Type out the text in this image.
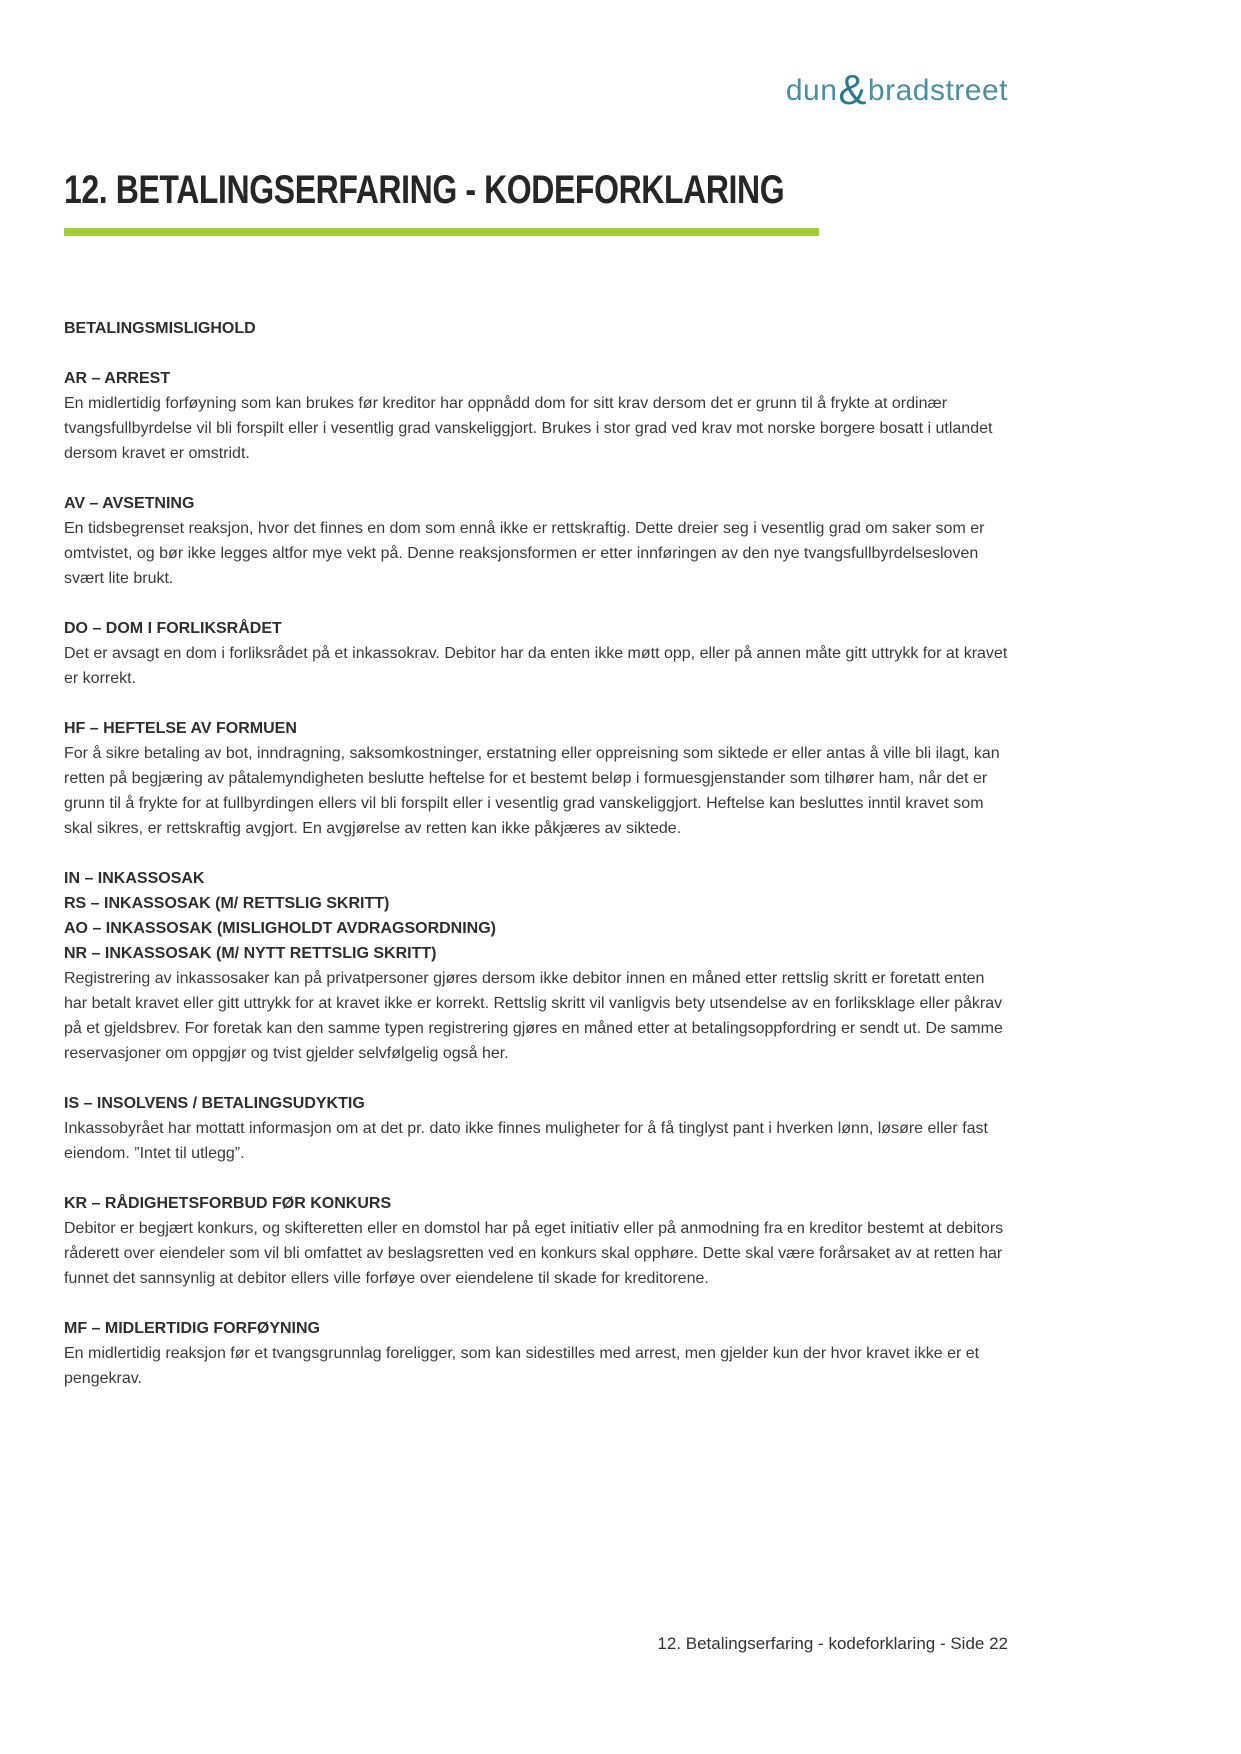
dun&bradstreet
12. BETALINGSERFARING - KODEFORKLARING

BETALINGSMISLIGHOLD

AR – ARREST

En midlertidig forføyning som kan brukes før kreditor har oppnådd dom for sitt krav dersom det er grunn til å frykte at ordinær tvangsfullbyrdelse vil bli forspilt eller i vesentlig grad vanskeliggjort. Brukes i stor grad ved krav mot norske borgere bosatt i utlandet dersom kravet er omstridt.

AV – AVSETNING

En tidsbegrenset reaksjon, hvor det finnes en dom som ennå ikke er rettskraftig. Dette dreier seg i vesentlig grad om saker som er omtvistet, og bør ikke legges altfor mye vekt på. Denne reaksjonsformen er etter innføringen av den nye tvangsfullbyrdelsesloven svært lite brukt.

DO – DOM I FORLIKSRÅDET

Det er avsagt en dom i forliksrådet på et inkassokrav. Debitor har da enten ikke møtt opp, eller på annen måte gitt uttrykk for at kravet er korrekt.

HF – HEFTELSE AV FORMUEN

For å sikre betaling av bot, inndragning, saksomkostninger, erstatning eller oppreisning som siktede er eller antas å ville bli ilagt, kan retten på begjæring av påtalemyndigheten beslutte heftelse for et bestemt beløp i formuesgjenstander som tilhører ham, når det er grunn til å frykte for at fullbyrdingen ellers vil bli forspilt eller i vesentlig grad vanskeliggjort. Heftelse kan besluttes inntil kravet som skal sikres, er rettskraftig avgjort. En avgjørelse av retten kan ikke påkjæres av siktede.

IN – INKASSOSAK
RS – INKASSOSAK (M/ RETTSLIG SKRITT)
AO – INKASSOSAK (MISLIGHOLDT AVDRAGSORDNING)
NR – INKASSOSAK (M/ NYTT RETTSLIG SKRITT)

Registrering av inkassosaker kan på privatpersoner gjøres dersom ikke debitor innen en måned etter rettslig skritt er foretatt enten har betalt kravet eller gitt uttrykk for at kravet ikke er korrekt. Rettslig skritt vil vanligvis bety utsendelse av en forliksklage eller påkrav på et gjeldsbrev. For foretak kan den samme typen registrering gjøres en måned etter at betalingsoppfordring er sendt ut. De samme reservasjoner om oppgjør og tvist gjelder selvfølgelig også her.

IS – INSOLVENS / BETALINGSUDYKTIG

Inkassobyrået har mottatt informasjon om at det pr. dato ikke finnes muligheter for å få tinglyst pant i hverken lønn, løsøre eller fast eiendom. ”Intet til utlegg”.

KR – RÅDIGHETSFORBUD FØR KONKURS

Debitor er begjært konkurs, og skifteretten eller en domstol har på eget initiativ eller på anmodning fra en kreditor bestemt at debitors råderett over eiendeler som vil bli omfattet av beslagsretten ved en konkurs skal opphøre. Dette skal være forårsaket av at retten har funnet det sannsynlig at debitor ellers ville forføye over eiendelene til skade for kreditorene.

MF – MIDLERTIDIG FORFØYNING

En midlertidig reaksjon før et tvangsgrunnlag foreligger, som kan sidestilles med arrest, men gjelder kun der hvor kravet ikke er et pengekrav.

12. Betalingserfaring - kodeforklaring - Side 22
